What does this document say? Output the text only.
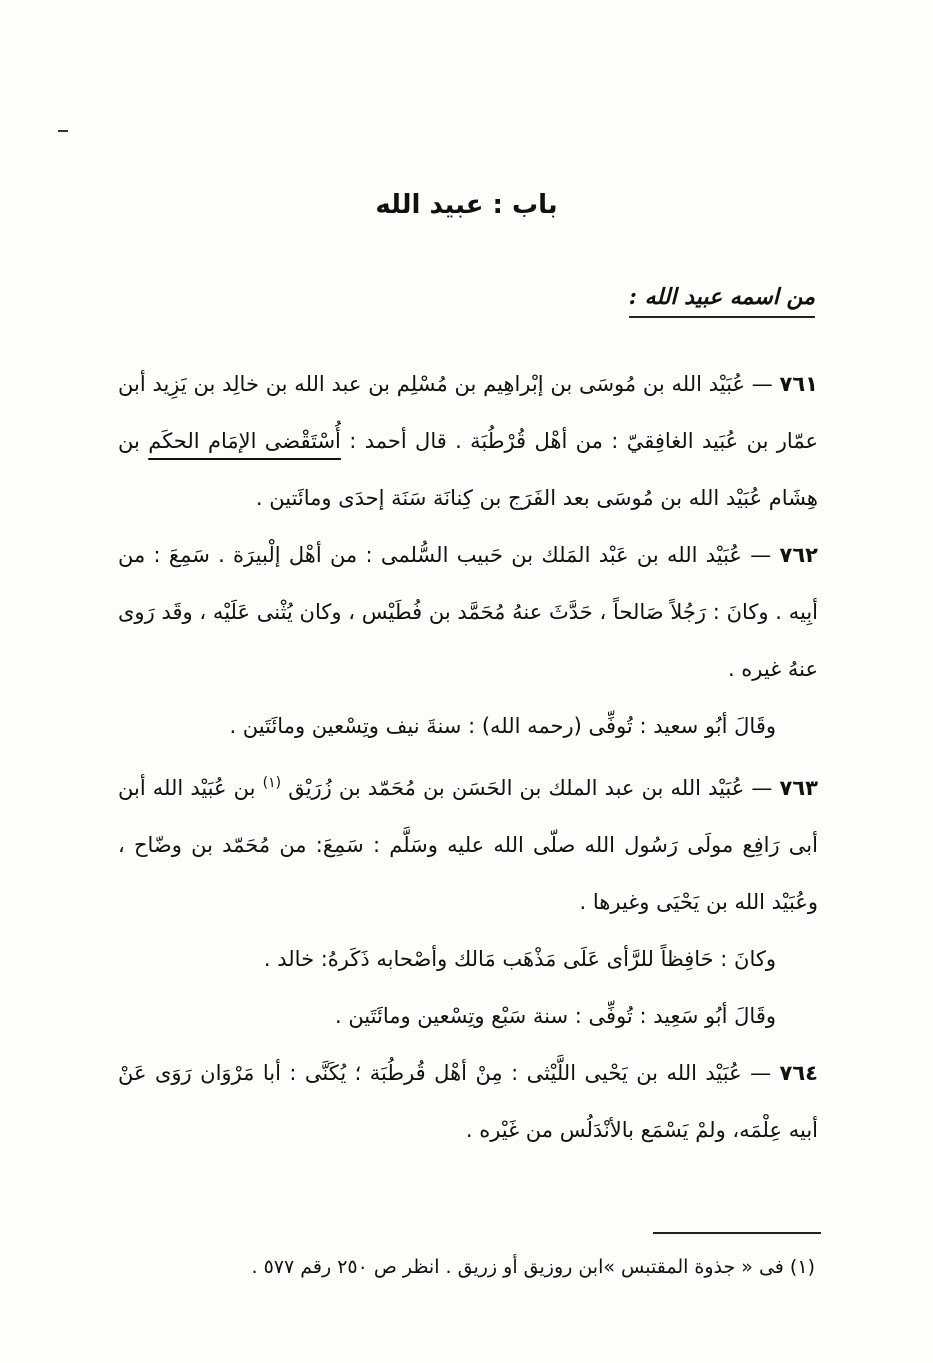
باب : عبيد الله
من اسمه عبيد الله :

٧٦١ — عُبَيْد الله بن مُوسَى بن إبْراهِيم بن مُسْلِم بن عبد الله بن خالِد بن يَزِيد أبن عمّار بن عُبَيد الغافِقيّ : من أهْل قُرْطُبَة . قال أحمد : أُسْتَقْضى الإمَام الحكَم بن هِشَام عُبَيْد الله بن مُوسَى بعد الفَرَج بن كِنانَة سَنَة إحدَى ومائَتين .

٧٦٢ — عُبَيْد الله بن عَبْد المَلك بن حَبيب السُّلمى : من أهْل إلْبيرَة . سَمِعَ : من أبِيه . وكانَ : رَجُلاً صَالحاً ، حَدَّثَ عنهُ مُحَمَّد بن فُطَيْس ، وكان يُثْنى عَلَيْه ، وقَد رَوى عنهُ غيره .

وقَالَ أبُو سعيد : تُوفِّى (رحمه الله) : سنةَ نيف وتِسْعين ومائَتَين .

٧٦٣ — عُبَيْد الله بن عبد الملك بن الحَسَن بن مُحَمّد بن زُرَيْق $^{(١)}$ بن عُبَيْد الله أبن أبى رَافِع مولَى رَسُول الله صلّى الله عليه وسَلَّم : سَمِعَ: من مُحَمّد بن وضّاح ، وعُبَيْد الله بن يَحْيَى وغيرها .

وكانَ : حَافِظاً للرَّأى عَلَى مَذْهَب مَالك وأصْحابه ذَكَرهُ: خالد .

وقَالَ أبُو سَعِيد : تُوفِّى : سنة سَبْع وتِسْعين ومائَتَين .

٧٦٤ — عُبَيْد الله بن يَحْيى اللَّيْثى : مِنْ أهْل قُرطُبَة ؛ يُكَنَّى : أبا مَرْوَان رَوَى عَنْ أبيه عِلْمَه، ولمْ يَسْمَع بالأنْدَلُس من غَيْره .

(١) فى « جذوة المقتبس »ابن روزيق أو زريق . انظر ص ٢٥٠ رقم ٥٧٧ .
